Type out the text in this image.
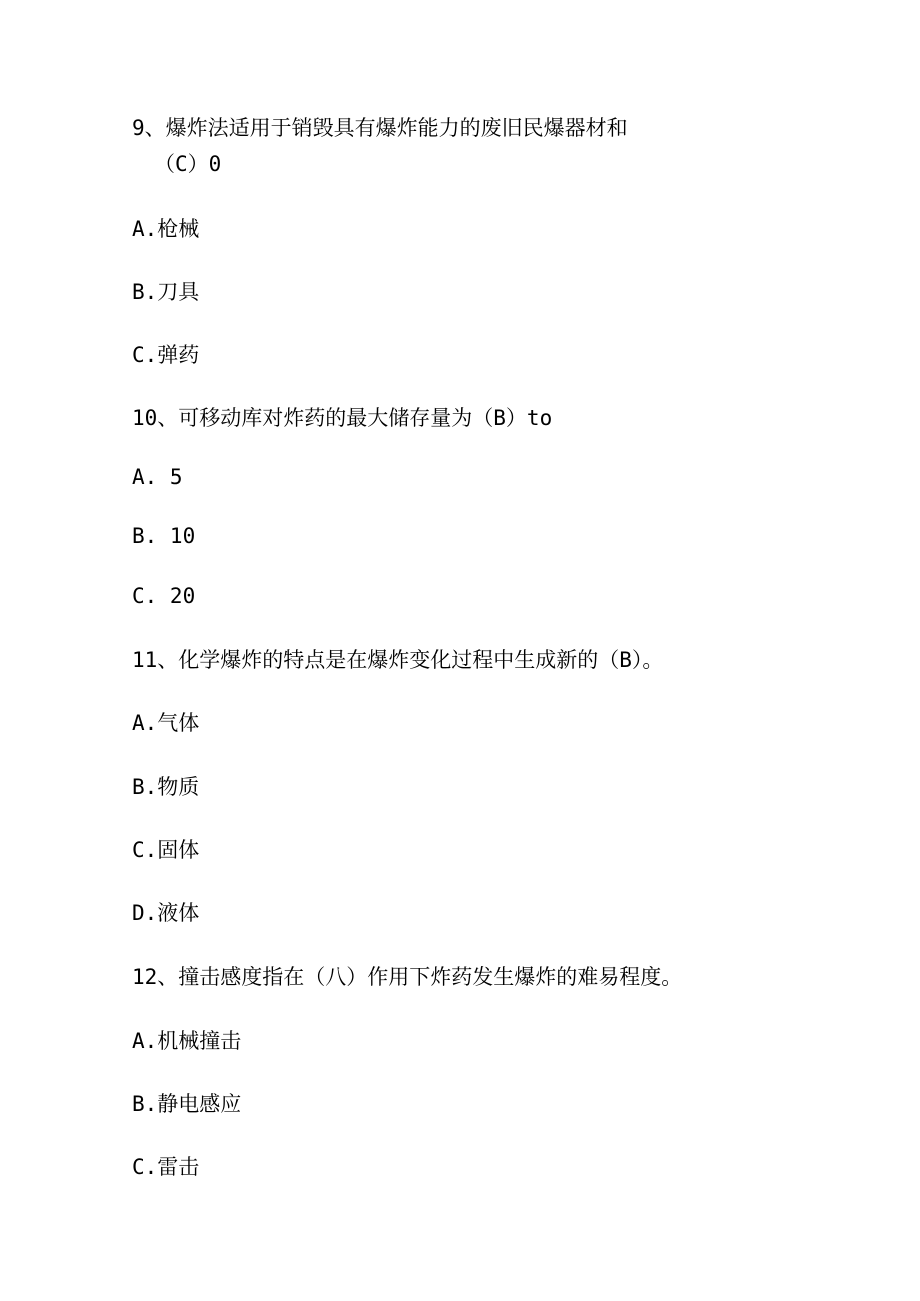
9、爆炸法适用于销毁具有爆炸能力的废旧民爆器材和
（C）0
A.枪械
B.刀具
C.弹药
10、可移动库对炸药的最大储存量为（B）to
A. 5
B. 10
C. 20
11、化学爆炸的特点是在爆炸变化过程中生成新的（B）。
A.气体
B.物质
C.固体
D.液体
12、撞击感度指在（八）作用下炸药发生爆炸的难易程度。
A.机械撞击
B.静电感应
C.雷击
